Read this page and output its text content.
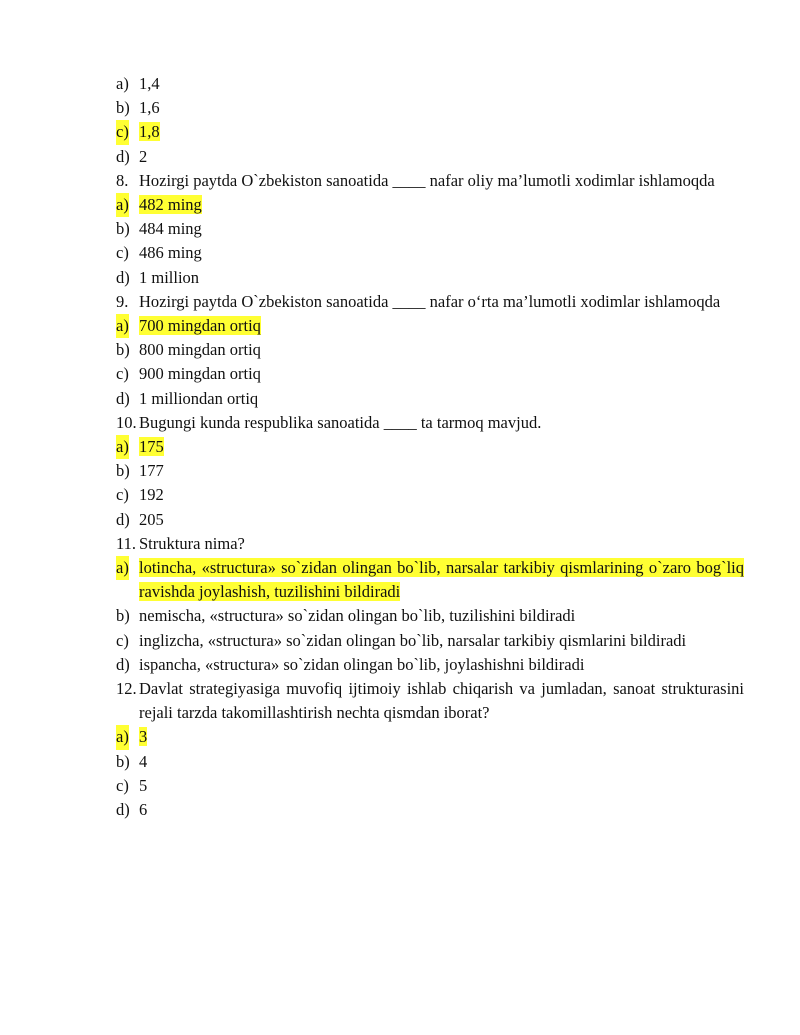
a) 1,4
b) 1,6
c) 1,8
d) 2
8. Hozirgi paytda O`zbekiston sanoatida ____ nafar oliy ma’lumotli xodimlar ishlamoqda
a) 482 ming
b) 484 ming
c) 486 ming
d) 1 million
9. Hozirgi paytda O`zbekiston sanoatida ____ nafar o‘rta ma’lumotli xodimlar ishlamoqda
a) 700 mingdan ortiq
b) 800 mingdan ortiq
c) 900 mingdan ortiq
d) 1 milliondan ortiq
10. Bugungi kunda respublika sanoatida ____ ta tarmoq mavjud.
a) 175
b) 177
c) 192
d) 205
11. Struktura nima?
a) lotincha, «structura» so`zidan olingan bo`lib, narsalar tarkibiy qismlarining o`zaro bog`liq ravishda joylashish, tuzilishini bildiradi
b) nemischa, «structura» so`zidan olingan bo`lib, tuzilishini bildiradi
c) inglizcha, «structura» so`zidan olingan bo`lib, narsalar tarkibiy qismlarini bildiradi
d) ispancha, «structura» so`zidan olingan bo`lib, joylashishni bildiradi
12. Davlat strategiyasiga muvofiq ijtimoiy ishlab chiqarish va jumladan, sanoat strukturasini rejali tarzda takomillashtirish nechta qismdan iborat?
a) 3
b) 4
c) 5
d) 6
